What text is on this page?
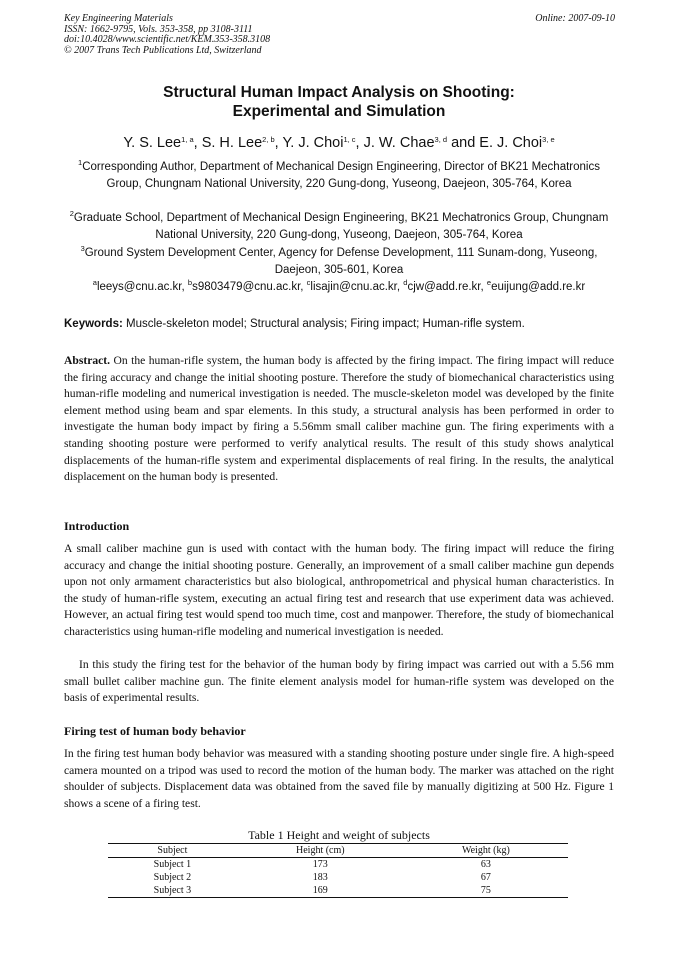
Key Engineering Materials
ISSN: 1662-9795, Vols. 353-358, pp 3108-3111
doi:10.4028/www.scientific.net/KEM.353-358.3108
© 2007 Trans Tech Publications Ltd, Switzerland
Online: 2007-09-10
Structural Human Impact Analysis on Shooting:
Experimental and Simulation
Y. S. Lee$^{1, a}$, S. H. Lee$^{2, b}$, Y. J. Choi$^{1, c}$, J. W. Chae$^{3, d}$ and E. J. Choi$^{3, e}$
$^1$Corresponding Author, Department of Mechanical Design Engineering, Director of BK21 Mechatronics Group, Chungnam National University, 220 Gung-dong, Yuseong, Daejeon, 305-764, Korea
$^2$Graduate School, Department of Mechanical Design Engineering, BK21 Mechatronics Group, Chungnam National University, 220 Gung-dong, Yuseong, Daejeon, 305-764, Korea
$^3$Ground System Development Center, Agency for Defense Development, 111 Sunam-dong, Yuseong, Daejeon, 305-601, Korea
$^a$leeys@cnu.ac.kr, $^b$s9803479@cnu.ac.kr, $^c$lisajin@cnu.ac.kr, $^d$cjw@add.re.kr, $^e$euijung@add.re.kr
Keywords: Muscle-skeleton model; Structural analysis; Firing impact; Human-rifle system.
Abstract. On the human-rifle system, the human body is affected by the firing impact. The firing impact will reduce the firing accuracy and change the initial shooting posture. Therefore the study of biomechanical characteristics using human-rifle modeling and numerical investigation is needed. The muscle-skeleton model was developed by the finite element method using beam and spar elements. In this study, a structural analysis has been performed in order to investigate the human body impact by firing a 5.56mm small caliber machine gun. The firing experiments with a standing shooting posture were performed to verify analytical results. The result of this study shows analytical displacements of the human-rifle system and experimental displacements of real firing. In the results, the analytical displacement on the human body is presented.
Introduction
A small caliber machine gun is used with contact with the human body. The firing impact will reduce the firing accuracy and change the initial shooting posture. Generally, an improvement of a small caliber machine gun depends upon not only armament characteristics but also biological, anthropometrical and physical human characteristics. In the study of human-rifle system, executing an actual firing test and research that use experiment data was achieved. However, an actual firing test would spend too much time, cost and manpower. Therefore, the study of biomechanical characteristics using human-rifle modeling and numerical investigation is needed.
In this study the firing test for the behavior of the human body by firing impact was carried out with a 5.56 mm small bullet caliber machine gun. The finite element analysis model for human-rifle system was developed on the basis of experimental results.
Firing test of human body behavior
In the firing test human body behavior was measured with a standing shooting posture under single fire. A high-speed camera mounted on a tripod was used to record the motion of the human body. The marker was attached on the right shoulder of subjects. Displacement data was obtained from the saved file by manually digitizing at 500 Hz. Figure 1 shows a scene of a firing test.
Table 1 Height and weight of subjects
Subject	Height (cm)	Weight (kg)
Subject 1	173	63
Subject 2	183	67
Subject 3	169	75
